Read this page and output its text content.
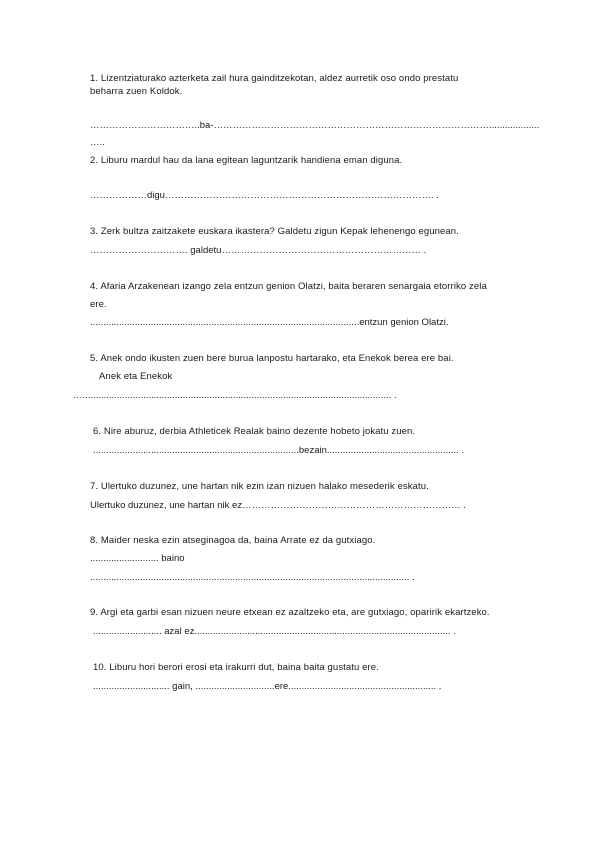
1. Lizentziaturako azterketa zail hura gainditzekotan, aldez aurretik oso ondo prestatu
beharra zuen Koldok.
……………………………..ba-……………………………………………………………………………...................
…..
2. Liburu mardul hau da lana egitean laguntzarik handiena eman diguna.
………………digu…………………………………………………………………………. .
3. Zerk bultza zaitzakete euskara ikastera? Galdetu zigun Kepak lehenengo egunean.
…………………………. galdetu……………………………………………………… .
4. Afaria Arzakenean izango zela entzun genion Olatzi, baita beraren senargaia etorriko zela
ere.
......................................................................................................entzun genion Olatzi.
5. Anek ondo ikusten zuen bere burua lanpostu hartarako, eta Enekok berea ere bai.
Anek eta Enekok
…..................................................................................................................... .
6. Nire aburuz, derbia Athleticek Realak baino dezente hobeto jokatu zuen.
..............................................................................bezain.................................................. .
7. Ulertuko duzunez, une hartan nik ezin izan nizuen halako mesederik eskatu.
Ulertuko duzunez, une hartan nik ez…………………………………………………………… .
8. Maider neska ezin atseginagoa da, baina Arrate ez da gutxiago.
.......................... baino
......................................................................................................................... .
9. Argi eta garbi esan nizuen neure etxean ez azaltzeko eta, are gutxiago, oparirik ekartzeko.
.......................... azal ez................................................................................................. .
10. Liburu hori berori erosi eta irakurri dut, baina baita gustatu ere.
............................. gain, ..............................ere........................................................ .
